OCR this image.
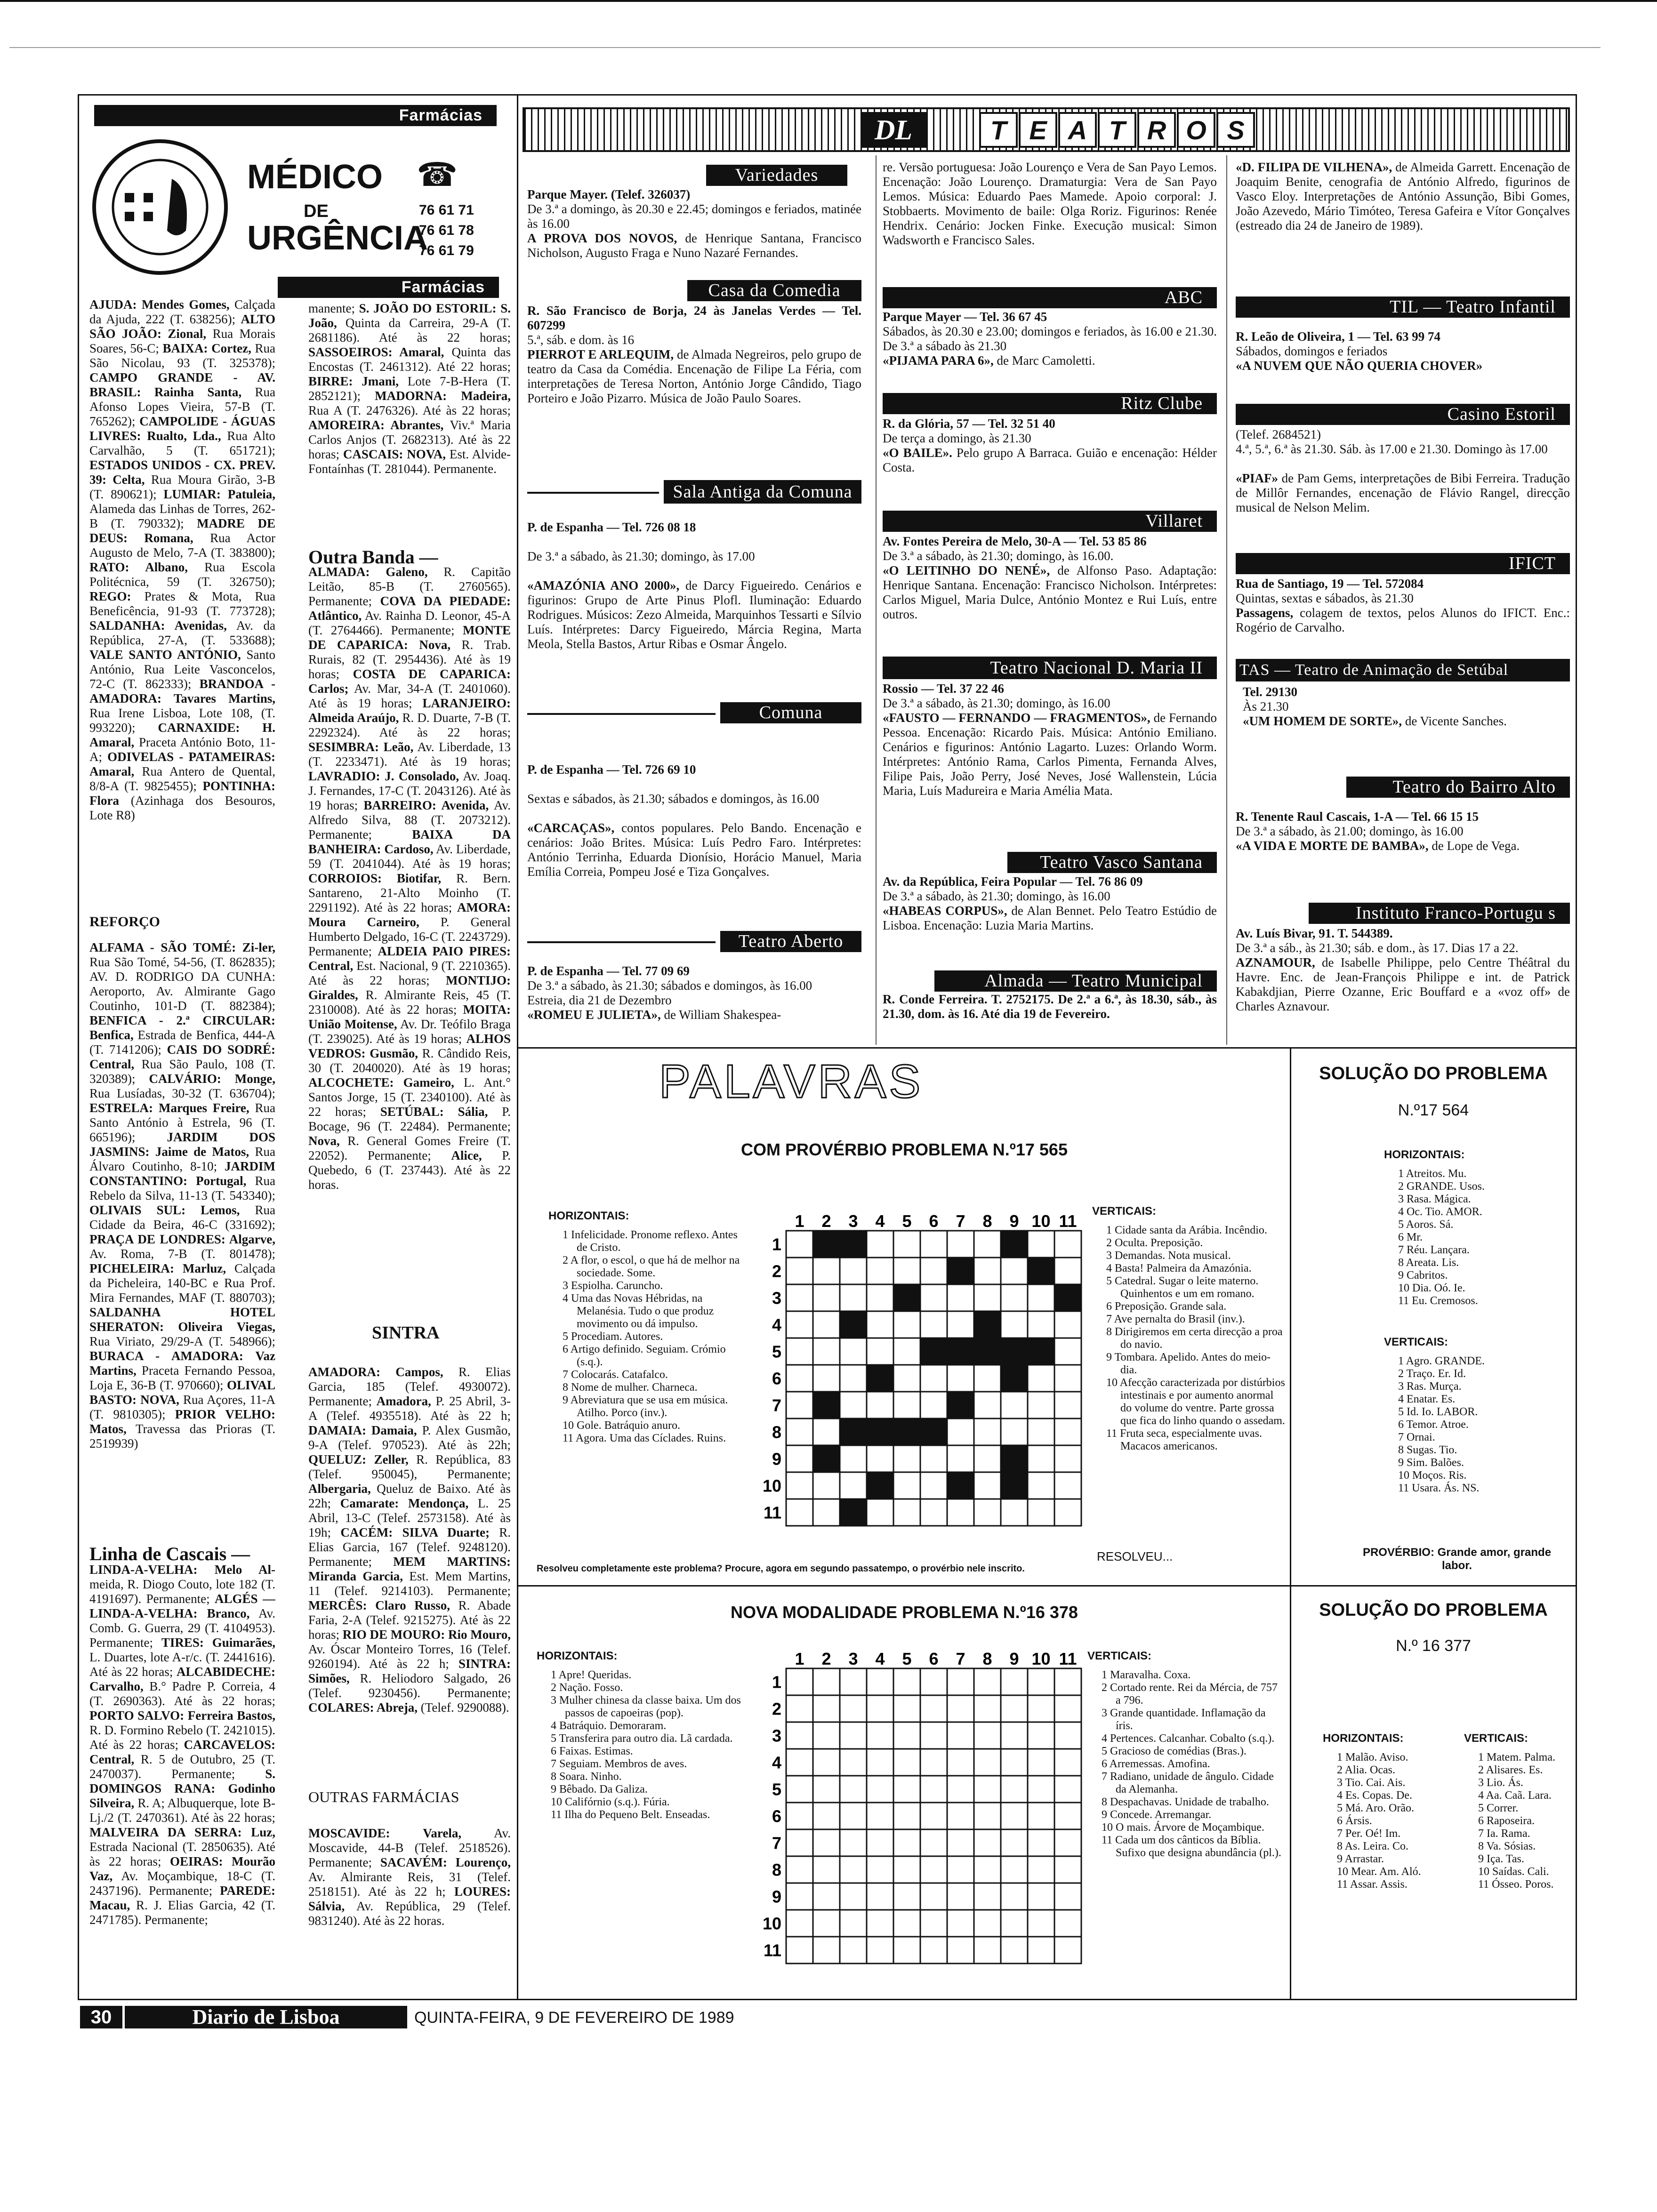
Farmácias
MÉDICO ☎
DE
URGÊNCIA
76 61 71
76 61 78
76 61 79
Farmácias
AJUDA: Mendes Gomes, Calçada da Ajuda, 222 (T. 638256); ALTO SÃO JOÃO: Zional, Rua Morais Soares, 56-C; BAIXA: Cortez, Rua São Nicolau, 93 (T. 325378); CAMPO GRANDE - AV. BRASIL: Rainha Santa, Rua Afonso Lopes Vieira, 57-B (T. 765262); CAMPOLIDE - ÁGUAS LIVRES: Rualto, Lda., Rua Alto Carvalhão, 5 (T. 651721); ESTADOS UNIDOS - CX. PREV. 39: Celta, Rua Moura Girão, 3-B (T. 890621); LUMIAR: Patuleia, Alameda das Linhas de Torres, 262-B (T. 790332); MADRE DE DEUS: Romana, Rua Actor Augusto de Melo, 7-A (T. 383800); RATO: Albano, Rua Escola Politécnica, 59 (T. 326750); REGO: Prates & Mota, Rua Beneficência, 91-93 (T. 773728); SALDANHA: Avenidas, Av. da República, 27-A, (T. 533688); VALE SANTO ANTÓNIO, Santo António, Rua Leite Vasconcelos, 72-C (T. 862333); BRANDOA - AMADORA: Tavares Martins, Rua Irene Lisboa, Lote 108, (T. 993220); CARNAXIDE: H. Amaral, Praceta António Boto, 11-A; ODIVELAS - PATAMEIRAS: Amaral, Rua Antero de Quental, 8/8-A (T. 9825455); PONTINHA: Flora (Azinhaga dos Besouros, Lote R8)
REFORÇO
ALFAMA - SÃO TOMÉ: Zi-ler, Rua São Tomé, 54-56, (T. 862835); AV. D. RODRIGO DA CUNHA: Aeroporto, Av. Almirante Gago Coutinho, 101-D (T. 882384); BENFICA - 2.ª CIRCULAR: Benfica, Estrada de Benfica, 444-A (T. 7141206); CAIS DO SODRÉ: Central, Rua São Paulo, 108 (T. 320389); CALVÁRIO: Monge, Rua Lusíadas, 30-32 (T. 636704); ESTRELA: Marques Freire, Rua Santo António à Estrela, 96 (T. 665196); JARDIM DOS JASMINS: Jaime de Matos, Rua Álvaro Coutinho, 8-10; JARDIM CONSTANTINO: Portugal, Rua Rebelo da Silva, 11-13 (T. 543340); OLIVAIS SUL: Lemos, Rua Cidade da Beira, 46-C (331692); PRAÇA DE LONDRES: Algarve, Av. Roma, 7-B (T. 801478); PICHELEIRA: Marluz, Calçada da Picheleira, 140-BC e Rua Prof. Mira Fernandes, MAF (T. 880703); SALDANHA HOTEL SHERATON: Oliveira Viegas, Rua Viriato, 29/29-A (T. 548966); BURACA - AMADORA: Vaz Martins, Praceta Fernando Pessoa, Loja E, 36-B (T. 970660); OLIVAL BASTO: NOVA, Rua Açores, 11-A (T. 9810305); PRIOR VELHO: Matos, Travessa das Prioras (T. 2519939)
Linha de Cascais —
LINDA-A-VELHA: Melo Al- meida, R. Diogo Couto, lote 182 (T. 4191697). Permanente; ALGÉS — LINDA-A-VELHA: Branco, Av. Comb. G. Guerra, 29 (T. 4104953). Permanente; TIRES: Guimarães, L. Duartes, lote A-r/c. (T. 2441616). Até às 22 horas; ALCABIDECHE: Carvalho, B.° Padre P. Correia, 4 (T. 2690363). Até às 22 horas; PORTO SALVO: Ferreira Bastos, R. D. Formino Rebelo (T. 2421015). Até às 22 horas; CARCAVELOS: Central, R. 5 de Outubro, 25 (T. 2470037). Permanente; S. DOMINGOS RANA: Godinho Silveira, R. A; Albuquerque, lote B-Lj./2 (T. 2470361). Até às 22 horas; MALVEIRA DA SERRA: Luz, Estrada Nacional (T. 2850635). Até às 22 horas; OEIRAS: Mourão Vaz, Av. Moçambique, 18-C (T. 2437196). Permanente; PAREDE: Macau, R. J. Elias Garcia, 42 (T. 2471785). Permanente;
manente; S. JOÃO DO ESTORIL: S. João, Quinta da Carreira, 29-A (T. 2681186). Até às 22 horas; SASSOEIROS: Amaral, Quinta das Encostas (T. 2461312). Até 22 horas; BIRRE: Jmani, Lote 7-B-Hera (T. 2852121); MADORNA: Madeira, Rua A (T. 2476326). Até às 22 horas; AMOREIRA: Abrantes, Viv.ª Maria Carlos Anjos (T. 2682313). Até às 22 horas; CASCAIS: NOVA, Est. Alvide-Fontaínhas (T. 281044). Permanente.
Outra Banda —
ALMADA: Galeno, R. Capitão Leitão, 85-B (T. 2760565). Permanente; COVA DA PIEDADE: Atlântico, Av. Rainha D. Leonor, 45-A (T. 2764466). Permanente; MONTE DE CAPARICA: Nova, R. Trab. Rurais, 82 (T. 2954436). Até às 19 horas; COSTA DE CAPARICA: Carlos; Av. Mar, 34-A (T. 2401060). Até às 19 horas; LARANJEIRO: Almeida Araújo, R. D. Duarte, 7-B (T. 2292324). Até às 22 horas; SESIMBRA: Leão, Av. Liberdade, 13 (T. 2233471). Até às 19 horas; LAVRADIO: J. Consolado, Av. Joaq. J. Fernandes, 17-C (T. 2043126). Até às 19 horas; BARREIRO: Avenida, Av. Alfredo Silva, 88 (T. 2073212). Permanente; BAIXA DA BANHEIRA: Cardoso, Av. Liberdade, 59 (T. 2041044). Até às 19 horas; CORROIOS: Biotifar, R. Bern. Santareno, 21-Alto Moinho (T. 2291192). Até às 22 horas; AMORA: Moura Carneiro, P. General Humberto Delgado, 16-C (T. 2243729). Permanente; ALDEIA PAIO PIRES: Central, Est. Nacional, 9 (T. 2210365). Até às 22 horas; MONTIJO: Giraldes, R. Almirante Reis, 45 (T. 2310008). Até às 22 horas; MOITA: União Moitense, Av. Dr. Teófilo Braga (T. 239025). Até às 19 horas; ALHOS VEDROS: Gusmão, R. Cândido Reis, 30 (T. 2040020). Até às 19 horas; ALCOCHETE: Gameiro, L. Ant.° Santos Jorge, 15 (T. 2340100). Até às 22 horas; SETÚBAL: Sália, P. Bocage, 96 (T. 22484). Permanente; Nova, R. General Gomes Freire (T. 22052). Permanente; Alice, P. Quebedo, 6 (T. 237443). Até às 22 horas.
SINTRA
AMADORA: Campos, R. Elias Garcia, 185 (Telef. 4930072). Permanente; Amadora, P. 25 Abril, 3-A (Telef. 4935518). Até às 22 h; DAMAIA: Damaia, P. Alex Gusmão, 9-A (Telef. 970523). Até às 22h; QUELUZ: Zeller, R. República, 83 (Telef. 950045), Permanente; Albergaria, Queluz de Baixo. Até às 22h; Camarate: Mendonça, L. 25 Abril, 13-C (Telef. 2573158). Até às 19h; CACÉM: SILVA Duarte; R. Elias Garcia, 167 (Telef. 9248120). Permanente; MEM MARTINS: Miranda Garcia, Est. Mem Martins, 11 (Telef. 9214103). Permanente; MERCÊS: Claro Russo, R. Abade Faria, 2-A (Telef. 9215275). Até às 22 horas; RIO DE MOURO: Rio Mouro, Av. Óscar Monteiro Torres, 16 (Telef. 9260194). Até às 22 h; SINTRA: Simões, R. Heliodoro Salgado, 26 (Telef. 9230456). Permanente; COLARES: Abreja, (Telef. 9290088).
OUTRAS FARMÁCIAS
MOSCAVIDE: Varela, Av. Moscavide, 44-B (Telef. 2518526). Permanente; SACAVÉM: Lourenço, Av. Almirante Reis, 31 (Telef. 2518151). Até às 22 h; LOURES: Sálvia, Av. República, 29 (Telef. 9831240). Até às 22 horas.
DL	T E A T R O S
Variedades
Parque Mayer. (Telef. 326037)
De 3.ª a domingo, às 20.30 e 22.45; domingos e feriados, matinée às 16.00
A PROVA DOS NOVOS, de Henrique Santana, Francisco Nicholson, Augusto Fraga e Nuno Nazaré Fernandes.
Casa da Comedia
R. São Francisco de Borja, 24 às Janelas Verdes — Tel. 607299
5.ª, sáb. e dom. às 16
PIERROT E ARLEQUIM, de Almada Negreiros, pelo grupo de teatro da Casa da Comédia. Encenação de Filipe La Féria, com interpretações de Teresa Norton, António Jorge Cândido, Tiago Porteiro e João Pizarro. Música de João Paulo Soares.
Sala Antiga da Comuna
P. de Espanha — Tel. 726 08 18

De 3.ª a sábado, às 21.30; domingo, às 17.00

«AMAZÓNIA ANO 2000», de Darcy Figueiredo. Cenários e figurinos: Grupo de Arte Pinus Plofl. Iluminação: Eduardo Rodrigues. Músicos: Zezo Almeida, Marquinhos Tessarti e Sílvio Luís. Intérpretes: Darcy Figueiredo, Márcia Regina, Marta Meola, Stella Bastos, Artur Ribas e Osmar Ângelo.
Comuna
P. de Espanha — Tel. 726 69 10

Sextas e sábados, às 21.30; sábados e domingos, às 16.00

«CARCAÇAS», contos populares. Pelo Bando. Encenação e cenários: João Brites. Música: Luís Pedro Faro. Intérpretes: António Terrinha, Eduarda Dionísio, Horácio Manuel, Maria Emília Correia, Pompeu José e Tiza Gonçalves.
Teatro Aberto
P. de Espanha — Tel. 77 09 69
De 3.ª a sábado, às 21.30; sábados e domingos, às 16.00
Estreia, dia 21 de Dezembro
«ROMEU E JULIETA», de William Shakespea-
re. Versão portuguesa: João Lourenço e Vera de San Payo Lemos. Encenação: João Lourenço. Dramaturgia: Vera de San Payo Lemos. Música: Eduardo Paes Mamede. Apoio corporal: J. Stobbaerts. Movimento de baile: Olga Roriz. Figurinos: Renée Hendrix. Cenário: Jocken Finke. Execução musical: Simon Wadsworth e Francisco Sales.
ABC
Parque Mayer — Tel. 36 67 45
Sábados, às 20.30 e 23.00; domingos e feriados, às 16.00 e 21.30. De 3.ª a sábado às 21.30
«PIJAMA PARA 6», de Marc Camoletti.
Ritz Clube
R. da Glória, 57 — Tel. 32 51 40
De terça a domingo, às 21.30
«O BAILE». Pelo grupo A Barraca. Guião e encenação: Hélder Costa.
Villaret
Av. Fontes Pereira de Melo, 30-A — Tel. 53 85 86
De 3.ª a sábado, às 21.30; domingo, às 16.00.
«O LEITINHO DO NENÉ», de Alfonso Paso. Adaptação: Henrique Santana. Encenação: Francisco Nicholson. Intérpretes: Carlos Miguel, Maria Dulce, António Montez e Rui Luís, entre outros.
Teatro Nacional D. Maria II
Rossio — Tel. 37 22 46
De 3.ª a sábado, às 21.30; domingo, às 16.00
«FAUSTO — FERNANDO — FRAGMENTOS», de Fernando Pessoa. Encenação: Ricardo Pais. Música: António Emiliano. Cenários e figurinos: António Lagarto. Luzes: Orlando Worm. Intérpretes: António Rama, Carlos Pimenta, Fernanda Alves, Filipe Pais, João Perry, José Neves, José Wallenstein, Lúcia Maria, Luís Madureira e Maria Amélia Mata.
Teatro Vasco Santana
Av. da República, Feira Popular — Tel. 76 86 09
De 3.ª a sábado, às 21.30; domingo, às 16.00
«HABEAS CORPUS», de Alan Bennet. Pelo Teatro Estúdio de Lisboa. Encenação: Luzia Maria Martins.
Almada — Teatro Municipal
R. Conde Ferreira. T. 2752175. De 2.ª a 6.ª, às 18.30, sáb., às 21.30, dom. às 16. Até dia 19 de Fevereiro.
«D. FILIPA DE VILHENA», de Almeida Garrett. Encenação de Joaquim Benite, cenografia de António Alfredo, figurinos de Vasco Eloy. Interpretações de António Assunção, Bibi Gomes, João Azevedo, Mário Timóteo, Teresa Gafeira e Vítor Gonçalves (estreado dia 24 de Janeiro de 1989).
TIL — Teatro Infantil
R. Leão de Oliveira, 1 — Tel. 63 99 74
Sábados, domingos e feriados
«A NUVEM QUE NÃO QUERIA CHOVER»
Casino Estoril
(Telef. 2684521)
4.ª, 5.ª, 6.ª às 21.30. Sáb. às 17.00 e 21.30. Domingo às 17.00

«PIAF» de Pam Gems, interpretações de Bibi Ferreira. Tradução de Millôr Fernandes, encenação de Flávio Rangel, direcção musical de Nelson Melim.
IFICT
Rua de Santiago, 19 — Tel. 572084
Quintas, sextas e sábados, às 21.30
Passagens, colagem de textos, pelos Alunos do IFICT. Enc.: Rogério de Carvalho.
TAS — Teatro de Animação de Setúbal
Tel. 29130
Às 21.30
«UM HOMEM DE SORTE», de Vicente Sanches.
Teatro do Bairro Alto
R. Tenente Raul Cascais, 1-A — Tel. 66 15 15
De 3.ª a sábado, às 21.00; domingo, às 16.00
«A VIDA E MORTE DE BAMBA», de Lope de Vega.
Instituto Franco-Portugu s
Av. Luís Bivar, 91. T. 544389.
De 3.ª a sáb., às 21.30; sáb. e dom., às 17. Dias 17 a 22.
AZNAMOUR, de Isabelle Philippe, pelo Centre Théâtral du Havre. Enc. de Jean-François Philippe e int. de Patrick Kabakdjian, Pierre Ozanne, Eric Bouffard e a «voz off» de Charles Aznavour.
PALAVRAS
COM PROVÉRBIO PROBLEMA N.º17 565
HORIZONTAIS:
1 Infelicidade. Pronome reflexo. Antes de Cristo.
2 A flor, o escol, o que há de melhor na sociedade. Some.
3 Espiolha. Caruncho.
4 Uma das Novas Hébridas, na Melanésia. Tudo o que produz movimento ou dá impulso.
5 Procediam. Autores.
6 Artigo definido. Seguiam. Crómio (s.q.).
7 Colocarás. Catafalco.
8 Nome de mulher. Charneca.
9 Abreviatura que se usa em música. Atilho. Porco (inv.).
10 Gole. Batráquio anuro.
11 Agora. Uma das Cíclades. Ruins.
VERTICAIS:
1 Cidade santa da Arábia. Incêndio.
2 Oculta. Preposição.
3 Demandas. Nota musical.
4 Basta! Palmeira da Amazónia.
5 Catedral. Sugar o leite materno. Quinhentos e um em romano.
6 Preposição. Grande sala.
7 Ave pernalta do Brasil (inv.).
8 Dirigiremos em certa direcção a proa do navio.
9 Tombara. Apelido. Antes do meio-dia.
10 Afecção caracterizada por distúrbios intestinais e por aumento anormal do volume do ventre. Parte grossa que fica do linho quando o assedam.
11 Fruta seca, especialmente uvas. Macacos americanos.
1
1
2
2
3
3
4
4
5
5
6
6
7
7
8
8
9
9
10
10
11
11
RESOLVEU...
Resolveu completamente este problema? Procure, agora em segundo passatempo, o provérbio nele inscrito.
SOLUÇÃO DO PROBLEMA
N.º17 564
HORIZONTAIS:
1 Atreitos. Mu.
2 GRANDE. Usos.
3 Rasa. Mágica.
4 Oc. Tio. AMOR.
5 Aoros. Sá.
6 Mr.
7 Réu. Lançara.
8 Areata. Lis.
9 Cabritos.
10 Dia. Oó. Ie.
11 Eu. Cremosos.
VERTICAIS:
1 Agro. GRANDE.
2 Traço. Er. Id.
3 Ras. Murça.
4 Enatar. Es.
5 Id. Io. LABOR.
6 Temor. Atroe.
7 Ornai.
8 Sugas. Tio.
9 Sim. Balões.
10 Moços. Ris.
11 Usara. Ás. NS.
PROVÉRBIO: Grande amor, grande labor.
NOVA MODALIDADE PROBLEMA N.º16 378
HORIZONTAIS:
1 Apre! Queridas.
2 Nação. Fosso.
3 Mulher chinesa da classe baixa. Um dos passos de capoeiras (pop).
4 Batráquio. Demoraram.
5 Transferira para outro dia. Lã cardada.
6 Faixas. Estimas.
7 Seguiam. Membros de aves.
8 Soara. Ninho.
9 Bêbado. Da Galiza.
10 Califórnio (s.q.). Fúria.
11 Ilha do Pequeno Belt. Enseadas.
VERTICAIS:
1 Maravalha. Coxa.
2 Cortado rente. Rei da Mércia, de 757 a 796.
3 Grande quantidade. Inflamação da íris.
4 Pertences. Calcanhar. Cobalto (s.q.).
5 Gracioso de comédias (Bras.).
6 Arremessas. Amofina.
7 Radiano, unidade de ângulo. Cidade da Alemanha.
8 Despachavas. Unidade de trabalho.
9 Concede. Arremangar.
10 O mais. Árvore de Moçambique.
11 Cada um dos cânticos da Bíblia. Sufixo que designa abundância (pl.).
1
1
2
2
3
3
4
4
5
5
6
6
7
7
8
8
9
9
10
10
11
11
SOLUÇÃO DO PROBLEMA
N.º 16 377
HORIZONTAIS:
1 Malão. Aviso.
2 Alia. Ocas.
3 Tio. Cai. Ais.
4 Es. Copas. De.
5 Má. Aro. Orão.
6 Ársis.
7 Per. Oé! Im.
8 As. Leira. Co.
9 Arrastar.
10 Mear. Am. Aló.
11 Assar. Assis.
VERTICAIS:
1 Matem. Palma.
2 Alisares. Es.
3 Lio. Ás.
4 Aa. Caã. Lara.
5 Correr.
6 Raposeira.
7 Ia. Rama.
8 Va. Sósias.
9 Iça. Tas.
10 Saídas. Cali.
11 Ósseo. Poros.
30	Diario de Lisboa	QUINTA-FEIRA, 9 DE FEVEREIRO DE 1989
